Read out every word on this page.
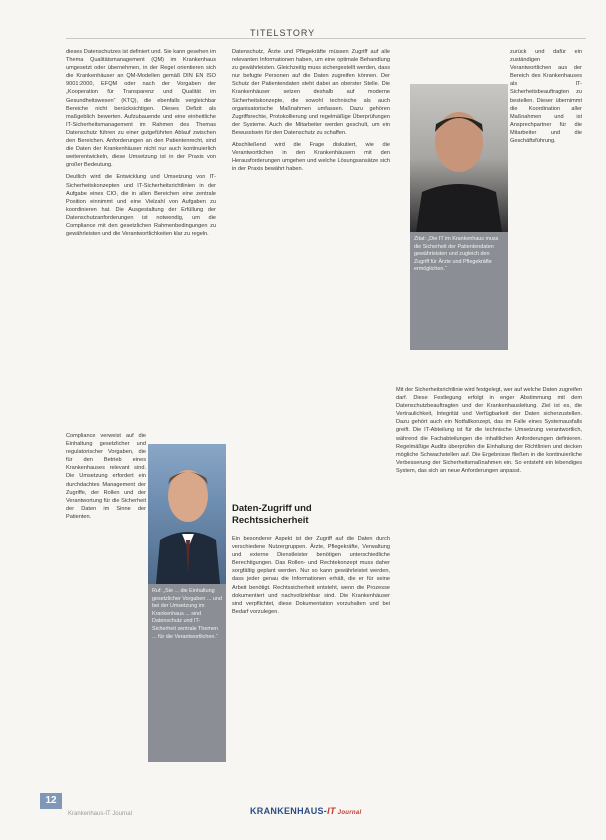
TITELSTORY

dieses Datenschutzes ist definiert und. Sie kann gesehen im Thema Qualitätsmanagement (QM) im Krankenhaus umgesetzt oder übernehmen, in der Regel orientieren sich die Krankenhäuser an QM-Modellen gemäß DIN EN ISO 9001:2000, EFQM oder nach der Vorgaben der „Kooperation für Transparenz und Qualität im Gesundheitswesen“ (KTQ), die ebenfalls vergleichbar Bereiche nicht berücksichtigen. Dieses Defizit als maßgeblich bewerten. Aufzubauende und eine einheitliche IT-Sicherheitsmanagement im Rahmen des Themas Datenschutz führen zu einer gutgeführten Ablauf zwischen den Bereichen. Anforderungen an den Patientenrecht, sind die Daten der Krankenhäuser nicht nur auch kontinuierlich weiterentwickeln, diese Umsetzung ist in der Praxis von großer Bedeutung.

Deutlich wird die Entwicklung und Umsetzung von IT-Sicherheitskonzepten und IT-Sicherheitsrichtlinien in der Aufgabe eines CIO, die in allen Bereichen eine zentrale Position einnimmt und eine Vielzahl von Aufgaben zu koordinieren hat. Die Ausgestaltung der Erfüllung der Datenschutzanforderungen ist notwendig, um die Compliance mit den gesetzlichen Rahmenbedingungen zu gewährleisten und die Verantwortlichkeiten klar zu regeln.

Compliance verweist auf die Einhaltung gesetzlicher und regulatorischer Vorgaben, die für den Betrieb eines Krankenhauses relevant sind. Die Umsetzung erfordert ein durchdachtes Management der Zugriffe, der Rollen und der Verantwortung für die Sicherheit der Daten im Sinne der Patienten.

Ruf: „Sie ... die Einhaltung gesetzlicher Vorgaben ... und bei der Umsetzung im Krankenhaus ... sind Datenschutz und IT-Sicherheit zentrale Themen ... für die Verantwortlichen.“

Datenschutz, Ärzte und Pflegekräfte müssen Zugriff auf alle relevanten Informationen haben, um eine optimale Behandlung zu gewährleisten. Gleichzeitig muss sichergestellt werden, dass nur befugte Personen auf die Daten zugreifen können. Der Schutz der Patientendaten steht dabei an oberster Stelle. Die Krankenhäuser setzen deshalb auf moderne Sicherheitskonzepte, die sowohl technische als auch organisatorische Maßnahmen umfassen. Dazu gehören Zugriffsrechte, Protokollierung und regelmäßige Überprüfungen der Systeme. Auch die Mitarbeiter werden geschult, um ein Bewusstsein für den Datenschutz zu schaffen.

Abschließend wird die Frage diskutiert, wie die Verantwortlichen in den Krankenhäusern mit den Herausforderungen umgehen und welche Lösungsansätze sich in der Praxis bewährt haben.

Daten-Zugriff und Rechtssicherheit

Ein besonderer Aspekt ist der Zugriff auf die Daten durch verschiedene Nutzergruppen. Ärzte, Pflegekräfte, Verwaltung und externe Dienstleister benötigen unterschiedliche Berechtigungen. Das Rollen- und Rechtekonzept muss daher sorgfältig geplant werden. Nur so kann gewährleistet werden, dass jeder genau die Informationen erhält, die er für seine Arbeit benötigt. Rechtssicherheit entsteht, wenn die Prozesse dokumentiert und nachvollziehbar sind. Die Krankenhäuser sind verpflichtet, diese Dokumentation vorzuhalten und bei Bedarf vorzulegen.

Zitat: „Die IT im Krankenhaus muss die Sicherheit der Patientendaten gewährleisten und zugleich den Zugriff für Ärzte und Pflegekräfte ermöglichen.“

zurück und dafür ein zuständigen Verantwortlichen aus der Bereich des Krankenhauses als IT-Sicherheitsbeauftragten zu bestellen. Dieser übernimmt die Koordination aller Maßnahmen und ist Ansprechpartner für die Mitarbeiter und die Geschäftsführung.

Mit der Sicherheitsrichtlinie wird festgelegt, wer auf welche Daten zugreifen darf. Diese Festlegung erfolgt in enger Abstimmung mit dem Datenschutzbeauftragten und der Krankenhausleitung. Ziel ist es, die Vertraulichkeit, Integrität und Verfügbarkeit der Daten sicherzustellen. Dazu gehört auch ein Notfallkonzept, das im Falle eines Systemausfalls greift. Die IT-Abteilung ist für die technische Umsetzung verantwortlich, während die Fachabteilungen die inhaltlichen Anforderungen definieren. Regelmäßige Audits überprüfen die Einhaltung der Richtlinien und decken mögliche Schwachstellen auf. Die Ergebnisse fließen in die kontinuierliche Verbesserung der Sicherheitsmaßnahmen ein. So entsteht ein lebendiges System, das sich an neue Anforderungen anpasst.

12
Krankenhaus-IT Journal	KRANKENHAUS-IT Journal
